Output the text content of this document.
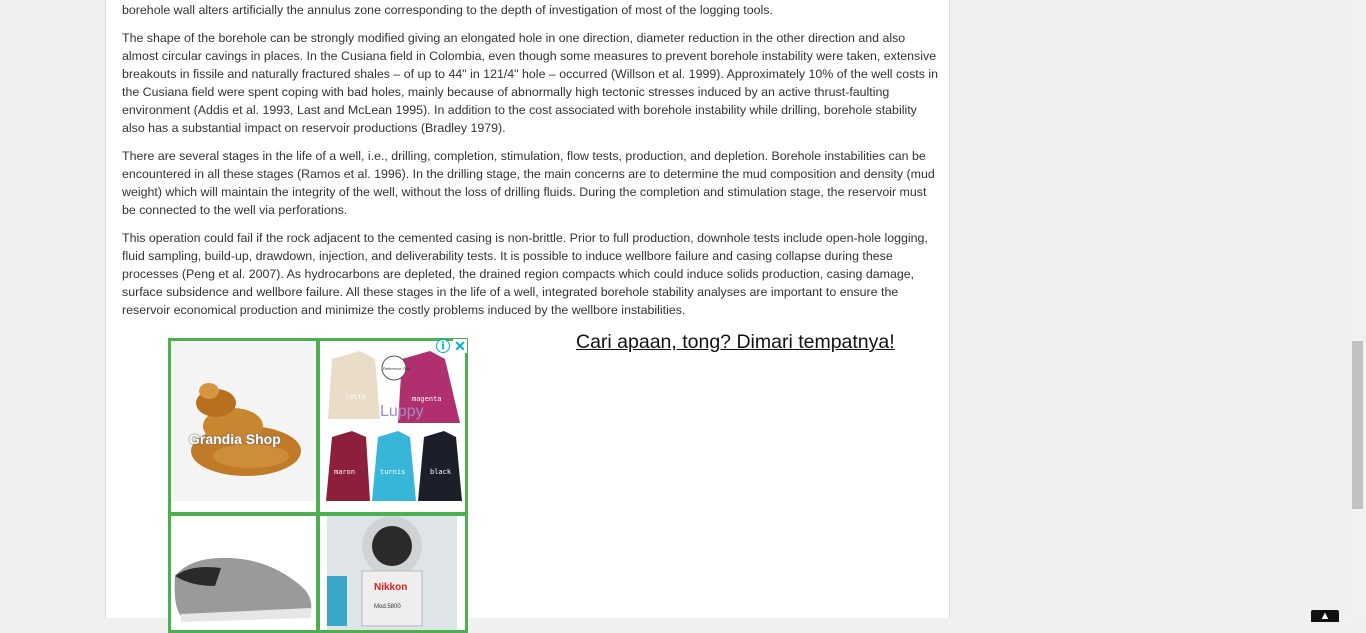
borehole wall alters artificially the annulus zone corresponding to the depth of investigation of most of the logging tools.

The shape of the borehole can be strongly modified giving an elongated hole in one direction, diameter reduction in the other direction and also almost circular cavings in places. In the Cusiana field in Colombia, even though some measures to prevent borehole instability were taken, extensive breakouts in fissile and naturally fractured shales – of up to 44" in 121/4" hole – occurred (Willson et al. 1999). Approximately 10% of the well costs in the Cusiana field were spent coping with bad holes, mainly because of abnormally high tectonic stresses induced by an active thrust-faulting environment (Addis et al. 1993, Last and McLean 1995). In addition to the cost associated with borehole instability while drilling, borehole stability also has a substantial impact on reservoir productions (Bradley 1979).

There are several stages in the life of a well, i.e., drilling, completion, stimulation, flow tests, production, and depletion. Borehole instabilities can be encountered in all these stages (Ramos et al. 1996). In the drilling stage, the main concerns are to determine the mud composition and density (mud weight) which will maintain the integrity of the well, without the loss of drilling fluids. During the completion and stimulation stage, the reservoir must be connected to the well via perforations.

This operation could fail if the rock adjacent to the cemented casing is non-brittle. Prior to full production, downhole tests include open-hole logging, fluid sampling, build-up, drawdown, injection, and deliverability tests. It is possible to induce wellbore failure and casing collapse during these processes (Peng et al. 2007). As hydrocarbons are depleted, the drained region compacts which could induce solids production, casing damage, surface subsidence and wellbore failure. All these stages in the life of a well, integrated borehole stability analyses are important to ensure the reservoir economical production and minimize the costly problems induced by the wellbore instabilities.

i ✕
Grandia Shop
Luppy
latte	magenta
maron	turnis	black
Reference Only
Nikkon
Mod.5800
Cari apaan, tong? Dimari tempatnya!
▲
